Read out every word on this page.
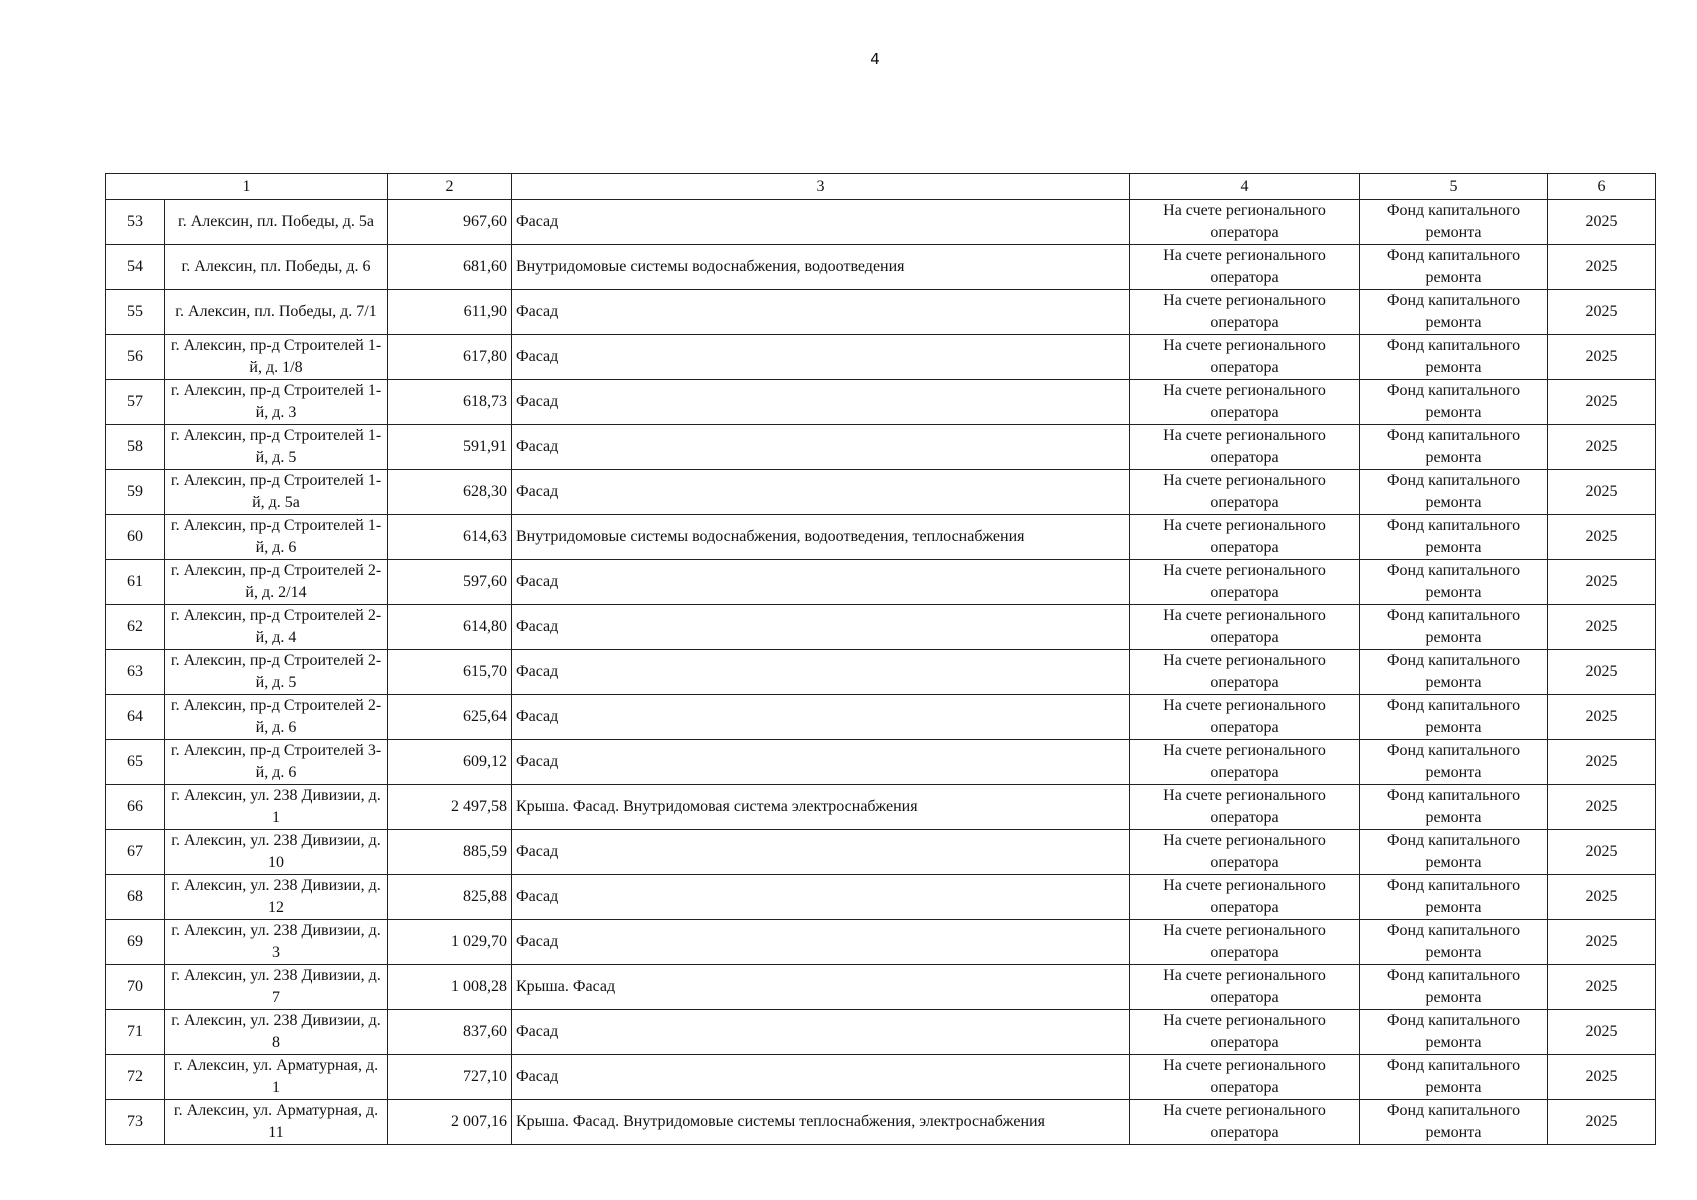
4
1		2	3	4	5	6
53	г. Алексин, пл. Победы, д. 5а	967,60	Фасад	На счете регионального оператора	Фонд капитального ремонта	2025
54	г. Алексин, пл. Победы, д. 6	681,60	Внутридомовые системы водоснабжения, водоотведения	На счете регионального оператора	Фонд капитального ремонта	2025
55	г. Алексин, пл. Победы, д. 7/1	611,90	Фасад	На счете регионального оператора	Фонд капитального ремонта	2025
56	г. Алексин, пр-д Строителей 1-й, д. 1/8	617,80	Фасад	На счете регионального оператора	Фонд капитального ремонта	2025
57	г. Алексин, пр-д Строителей 1-й, д. 3	618,73	Фасад	На счете регионального оператора	Фонд капитального ремонта	2025
58	г. Алексин, пр-д Строителей 1-й, д. 5	591,91	Фасад	На счете регионального оператора	Фонд капитального ремонта	2025
59	г. Алексин, пр-д Строителей 1-й, д. 5а	628,30	Фасад	На счете регионального оператора	Фонд капитального ремонта	2025
60	г. Алексин, пр-д Строителей 1-й, д. 6	614,63	Внутридомовые системы водоснабжения, водоотведения, теплоснабжения	На счете регионального оператора	Фонд капитального ремонта	2025
61	г. Алексин, пр-д Строителей 2-й, д. 2/14	597,60	Фасад	На счете регионального оператора	Фонд капитального ремонта	2025
62	г. Алексин, пр-д Строителей 2-й, д. 4	614,80	Фасад	На счете регионального оператора	Фонд капитального ремонта	2025
63	г. Алексин, пр-д Строителей 2-й, д. 5	615,70	Фасад	На счете регионального оператора	Фонд капитального ремонта	2025
64	г. Алексин, пр-д Строителей 2-й, д. 6	625,64	Фасад	На счете регионального оператора	Фонд капитального ремонта	2025
65	г. Алексин, пр-д Строителей 3-й, д. 6	609,12	Фасад	На счете регионального оператора	Фонд капитального ремонта	2025
66	г. Алексин, ул. 238 Дивизии, д. 1	2 497,58	Крыша. Фасад. Внутридомовая система электроснабжения	На счете регионального оператора	Фонд капитального ремонта	2025
67	г. Алексин, ул. 238 Дивизии, д. 10	885,59	Фасад	На счете регионального оператора	Фонд капитального ремонта	2025
68	г. Алексин, ул. 238 Дивизии, д. 12	825,88	Фасад	На счете регионального оператора	Фонд капитального ремонта	2025
69	г. Алексин, ул. 238 Дивизии, д. 3	1 029,70	Фасад	На счете регионального оператора	Фонд капитального ремонта	2025
70	г. Алексин, ул. 238 Дивизии, д. 7	1 008,28	Крыша. Фасад	На счете регионального оператора	Фонд капитального ремонта	2025
71	г. Алексин, ул. 238 Дивизии, д. 8	837,60	Фасад	На счете регионального оператора	Фонд капитального ремонта	2025
72	г. Алексин, ул. Арматурная, д. 1	727,10	Фасад	На счете регионального оператора	Фонд капитального ремонта	2025
73	г. Алексин, ул. Арматурная, д. 11	2 007,16	Крыша. Фасад. Внутридомовые системы теплоснабжения, электроснабжения	На счете регионального оператора	Фонд капитального ремонта	2025
